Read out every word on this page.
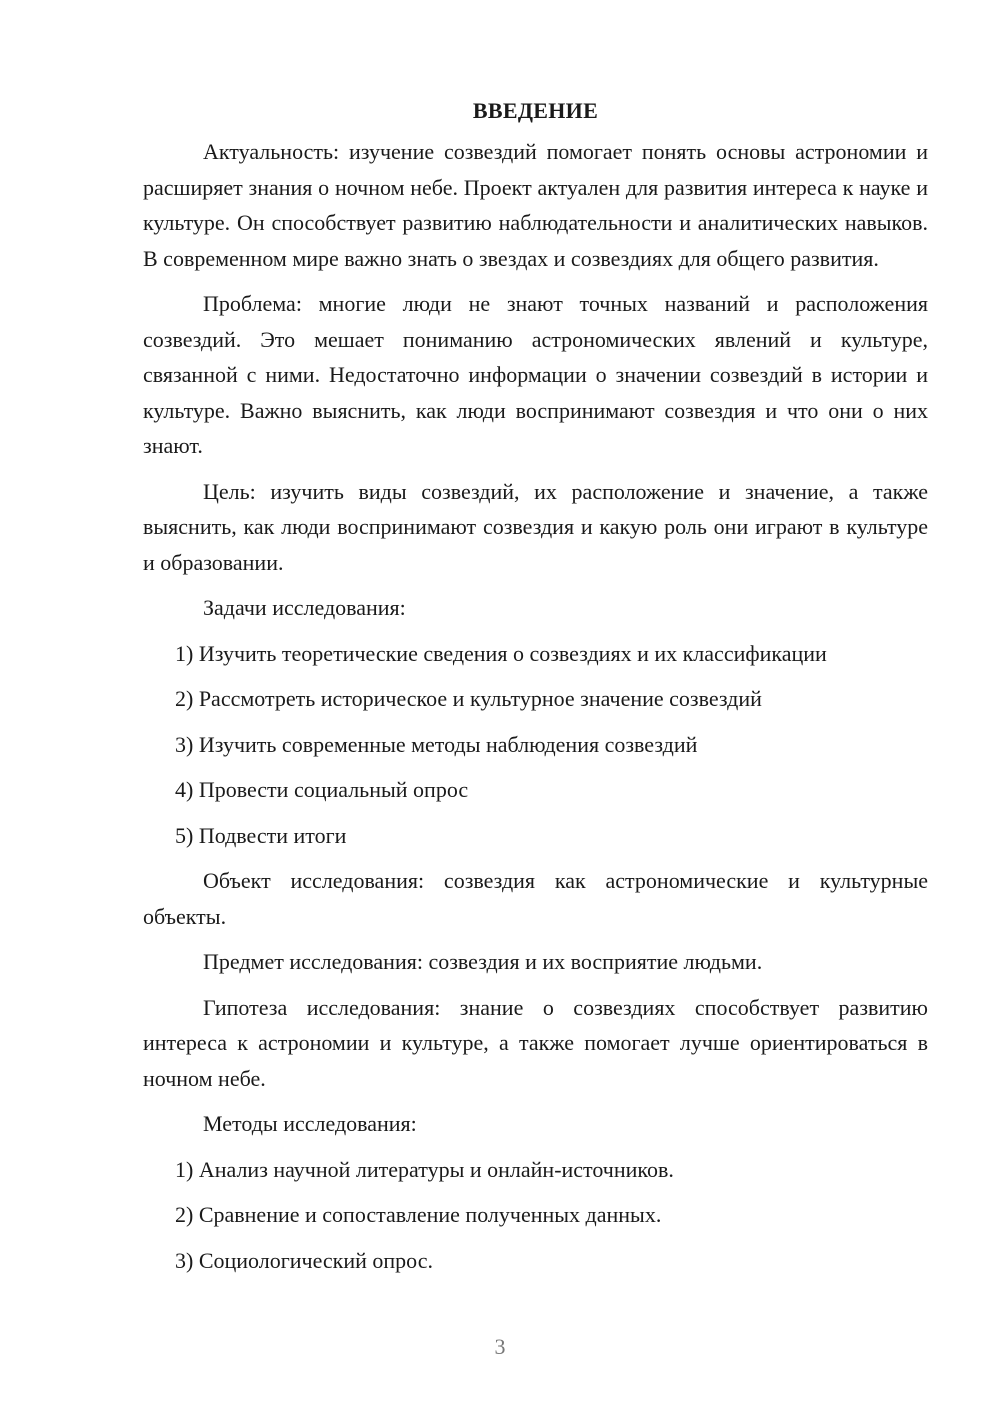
ВВЕДЕНИЕ

Актуальность: изучение созвездий помогает понять основы астрономии и расширяет знания о ночном небе. Проект актуален для развития интереса к науке и культуре. Он способствует развитию наблюдательности и аналитических навыков. В современном мире важно знать о звездах и созвездиях для общего развития.

Проблема: многие люди не знают точных названий и расположения созвездий. Это мешает пониманию астрономических явлений и культуре, связанной с ними. Недостаточно информации о значении созвездий в истории и культуре. Важно выяснить, как люди воспринимают созвездия и что они о них знают.

Цель: изучить виды созвездий, их расположение и значение, а также выяснить, как люди воспринимают созвездия и какую роль они играют в культуре и образовании.

Задачи исследования:
1) Изучить теоретические сведения о созвездиях и их классификации
2) Рассмотреть историческое и культурное значение созвездий
3) Изучить современные методы наблюдения созвездий
4) Провести социальный опрос
5) Подвести итоги

Объект исследования: созвездия как астрономические и культурные объекты.

Предмет исследования: созвездия и их восприятие людьми.

Гипотеза исследования: знание о созвездиях способствует развитию интереса к астрономии и культуре, а также помогает лучше ориентироваться в ночном небе.

Методы исследования:
1) Анализ научной литературы и онлайн-источников.
2) Сравнение и сопоставление полученных данных.
3) Социологический опрос.
3
